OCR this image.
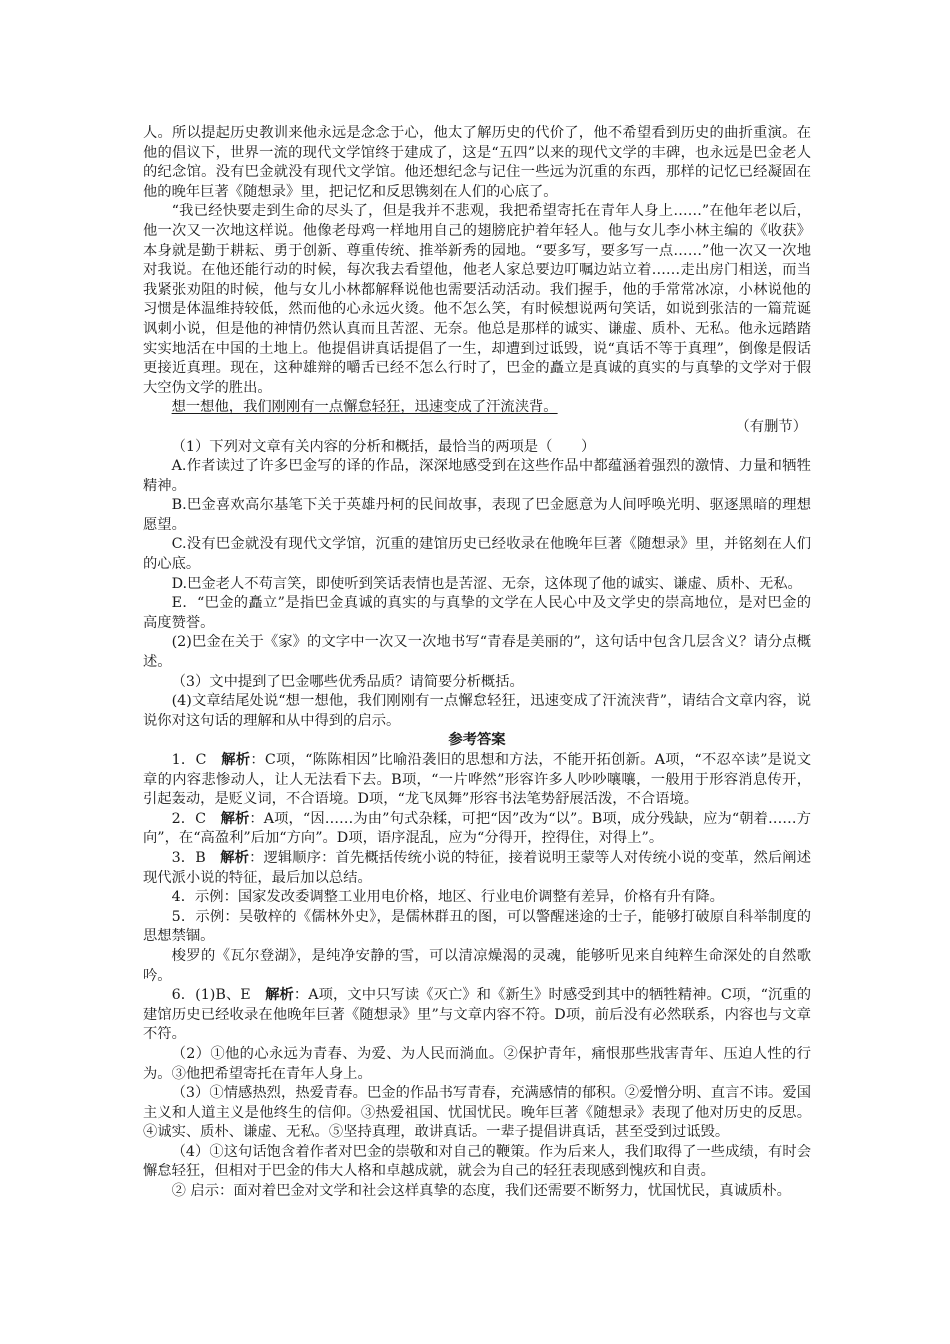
人。所以提起历史教训来他永远是念念于心，他太了解历史的代价了，他不希望看到历史的曲折重演。在他的倡议下，世界一流的现代文学馆终于建成了，这是“五四”以来的现代文学的丰碑，也永远是巴金老人的纪念馆。没有巴金就没有现代文学馆。他还想纪念与记住一些远为沉重的东西，那样的记忆已经凝固在他的晚年巨著《随想录》里，把记忆和反思镌刻在人们的心底了。

“我已经快要走到生命的尽头了，但是我并不悲观，我把希望寄托在青年人身上……”在他年老以后，他一次又一次地这样说。他像老母鸡一样地用自己的翅膀庇护着年轻人。他与女儿李小林主编的《收获》本身就是勤于耕耘、勇于创新、尊重传统、推举新秀的园地。“要多写，要多写一点……”他一次又一次地对我说。在他还能行动的时候，每次我去看望他，他老人家总要边叮嘱边站立着……走出房门相送，而当我紧张劝阻的时候，他与女儿小林都解释说他也需要活动活动。我们握手，他的手常常冰凉，小林说他的习惯是体温维持较低，然而他的心永远火烫。他不怎么笑，有时候想说两句笑话，如说到张洁的一篇荒诞讽刺小说，但是他的神情仍然认真而且苦涩、无奈。他总是那样的诚实、谦虚、质朴、无私。他永远踏踏实实地活在中国的土地上。他提倡讲真话提倡了一生，却遭到过诋毁，说“真话不等于真理”，倒像是假话更接近真理。现在，这种雄辩的嚼舌已经不怎么行时了，巴金的矗立是真诚的真实的与真挚的文学对于假大空伪文学的胜出。

想一想他，我们刚刚有一点懈怠轻狂，迅速变成了汗流浃背。

（有删节）

（1）下列对文章有关内容的分析和概括，最恰当的两项是（　　）

A.作者读过了许多巴金写的译的作品，深深地感受到在这些作品中都蕴涵着强烈的激情、力量和牺牲精神。

B.巴金喜欢高尔基笔下关于英雄丹柯的民间故事，表现了巴金愿意为人间呼唤光明、驱逐黑暗的理想愿望。

C.没有巴金就没有现代文学馆，沉重的建馆历史已经收录在他晚年巨著《随想录》里，并铭刻在人们的心底。

D.巴金老人不苟言笑，即使听到笑话表情也是苦涩、无奈，这体现了他的诚实、谦虚、质朴、无私。

E．“巴金的矗立”是指巴金真诚的真实的与真挚的文学在人民心中及文学史的崇高地位，是对巴金的高度赞誉。

(2)巴金在关于《家》的文字中一次又一次地书写“青春是美丽的”，这句话中包含几层含义？请分点概述。

（3）文中提到了巴金哪些优秀品质？请简要分析概括。

(4)文章结尾处说“想一想他，我们刚刚有一点懈怠轻狂，迅速变成了汗流浃背”，请结合文章内容，说说你对这句话的理解和从中得到的启示。

参考答案

1．C　解析：C项，“陈陈相因”比喻沿袭旧的思想和方法，不能开拓创新。A项，“不忍卒读”是说文章的内容悲惨动人，让人无法看下去。B项，“一片哗然”形容许多人吵吵嚷嚷，一般用于形容消息传开，引起轰动，是贬义词，不合语境。D项，“龙飞凤舞”形容书法笔势舒展活泼，不合语境。

2．C　解析：A项，“因……为由”句式杂糅，可把“因”改为“以”。B项，成分残缺，应为“朝着……方向”，在“高盈利”后加“方向”。D项，语序混乱，应为“分得开，控得住，对得上”。

3．B　解析：逻辑顺序：首先概括传统小说的特征，接着说明王蒙等人对传统小说的变革，然后阐述现代派小说的特征，最后加以总结。

4．示例：国家发改委调整工业用电价格，地区、行业电价调整有差异，价格有升有降。

5．示例：吴敬梓的《儒林外史》，是儒林群丑的图，可以警醒迷途的士子，能够打破原自科举制度的思想禁锢。

梭罗的《瓦尔登湖》，是纯净安静的雪，可以清凉燥渴的灵魂，能够听见来自纯粹生命深处的自然歌吟。

6．(1)B、E　解析：A项，文中只写读《灭亡》和《新生》时感受到其中的牺牲精神。C项，“沉重的建馆历史已经收录在他晚年巨著《随想录》里”与文章内容不符。D项，前后没有必然联系，内容也与文章不符。

（2）①他的心永远为青春、为爱、为人民而淌血。②保护青年，痛恨那些戕害青年、压迫人性的行为。③他把希望寄托在青年人身上。

（3）①情感热烈，热爱青春。巴金的作品书写青春，充满感情的郁积。②爱憎分明、直言不讳。爱国主义和人道主义是他终生的信仰。③热爱祖国、忧国忧民。晚年巨著《随想录》表现了他对历史的反思。④诚实、质朴、谦虚、无私。⑤坚持真理，敢讲真话。一辈子提倡讲真话，甚至受到过诋毁。

（4）①这句话饱含着作者对巴金的崇敬和对自己的鞭策。作为后来人，我们取得了一些成绩，有时会懈怠轻狂，但相对于巴金的伟大人格和卓越成就，就会为自己的轻狂表现感到愧疚和自责。

② 启示：面对着巴金对文学和社会这样真挚的态度，我们还需要不断努力，忧国忧民，真诚质朴。
